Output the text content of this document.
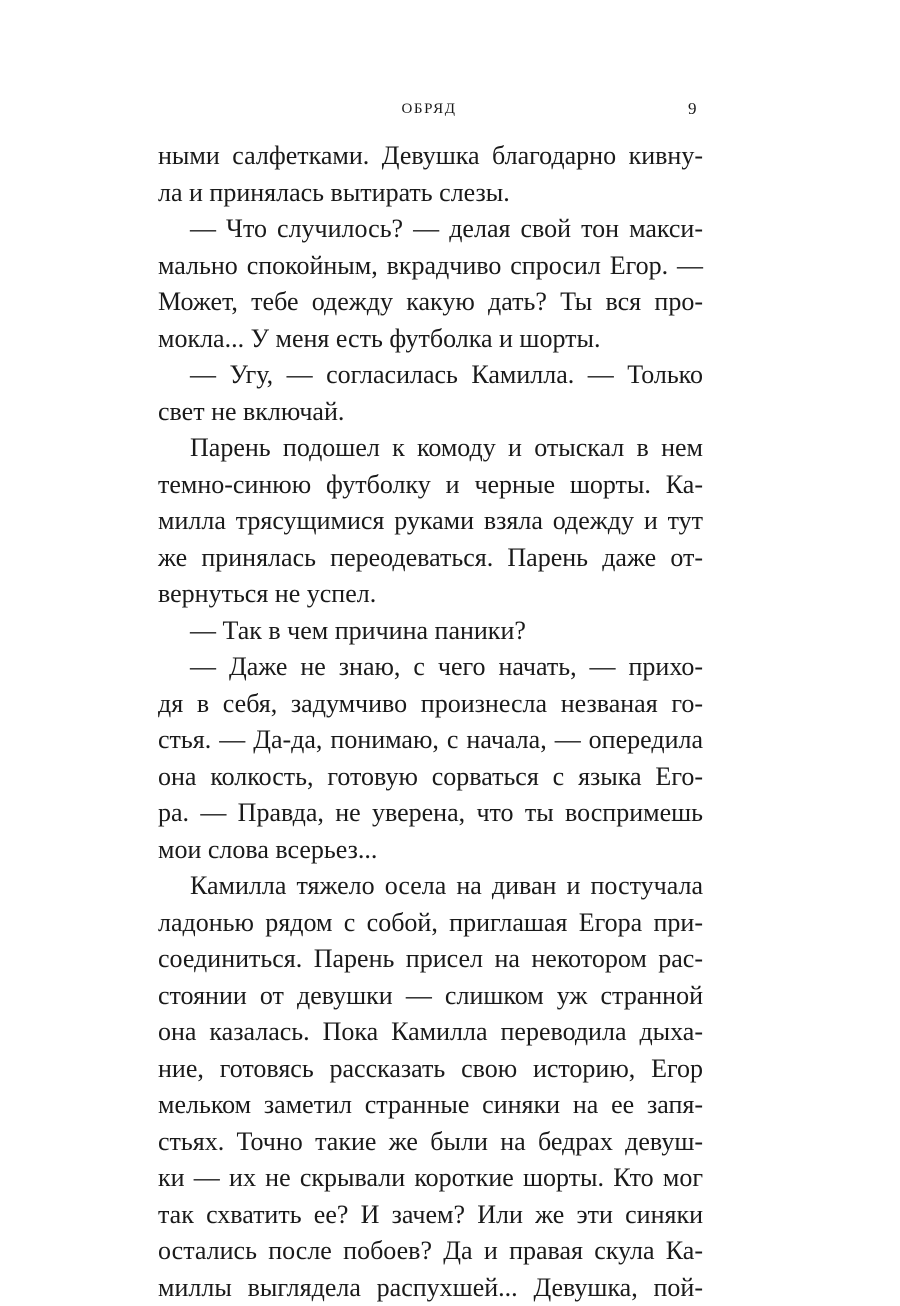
ОБРЯД	9
ными салфетками. Девушка благодарно кивну-
ла и принялась вытирать слезы.
— Что случилось? — делая свой тон макси-
мально спокойным, вкрадчиво спросил Егор. —
Может, тебе одежду какую дать? Ты вся про-
мокла... У меня есть футболка и шорты.
— Угу, — согласилась Камилла. — Только
свет не включай.
Парень подошел к комоду и отыскал в нем
темно-синюю футболку и черные шорты. Ка-
милла трясущимися руками взяла одежду и тут
же принялась переодеваться. Парень даже от-
вернуться не успел.
— Так в чем причина паники?
— Даже не знаю, с чего начать, — прихо-
дя в себя, задумчиво произнесла незваная го-
стья. — Да-да, понимаю, с начала, — опередила
она колкость, готовую сорваться с языка Его-
ра. — Правда, не уверена, что ты воспримешь
мои слова всерьез...
Камилла тяжело осела на диван и постучала
ладонью рядом с собой, приглашая Егора при-
соединиться. Парень присел на некотором рас-
стоянии от девушки — слишком уж странной
она казалась. Пока Камилла переводила дыха-
ние, готовясь рассказать свою историю, Егор
мельком заметил странные синяки на ее запя-
стьях. Точно такие же были на бедрах девуш-
ки — их не скрывали короткие шорты. Кто мог
так схватить ее? И зачем? Или же эти синяки
остались после побоев? Да и правая скула Ка-
миллы выглядела распухшей... Девушка, пой-
